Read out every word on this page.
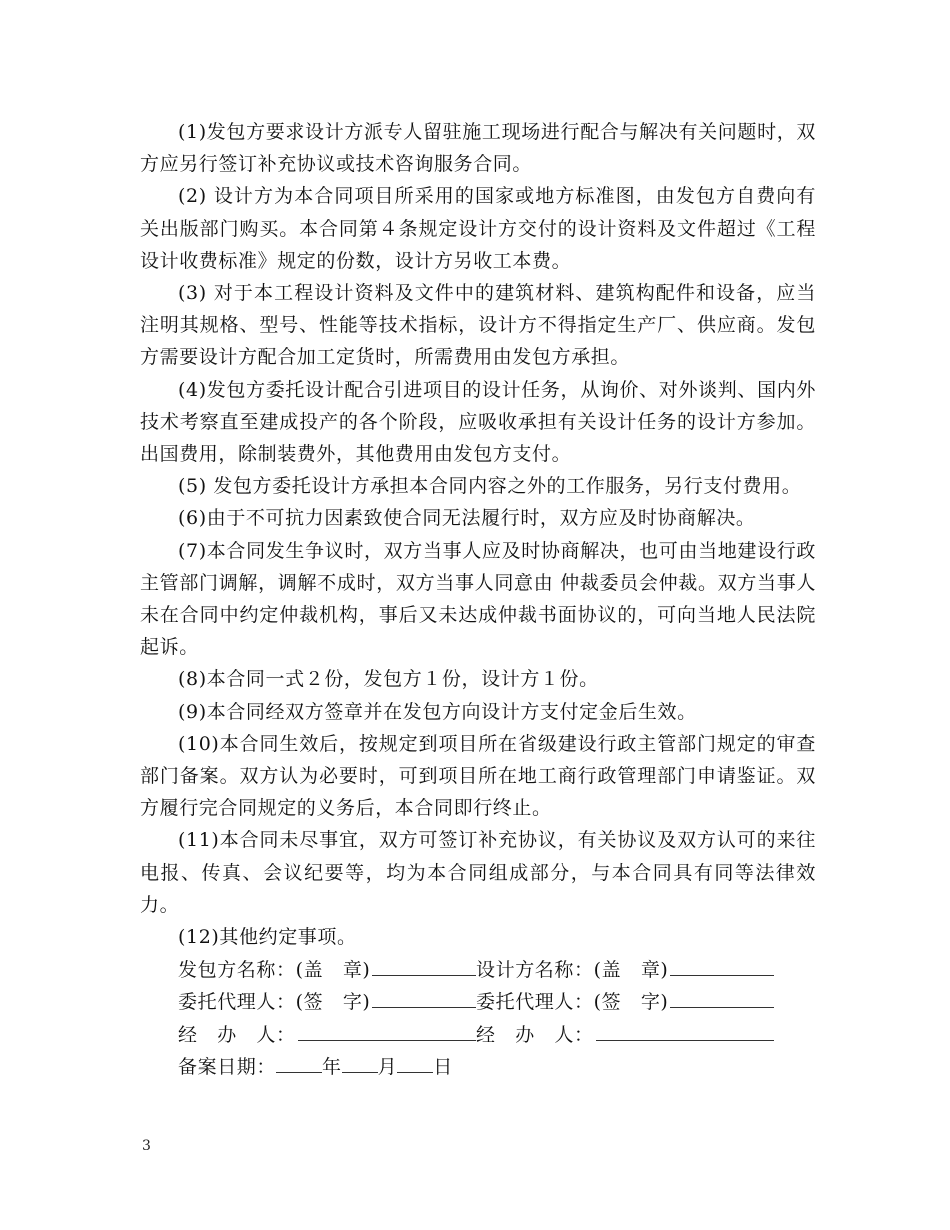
(1)发包方要求设计方派专人留驻施工现场进行配合与解决有关问题时，双方应另行签订补充协议或技术咨询服务合同。

(2) 设计方为本合同项目所采用的国家或地方标准图，由发包方自费向有关出版部门购买。本合同第４条规定设计方交付的设计资料及文件超过《工程设计收费标准》规定的份数，设计方另收工本费。

(3) 对于本工程设计资料及文件中的建筑材料、建筑构配件和设备，应当注明其规格、型号、性能等技术指标，设计方不得指定生产厂、供应商。发包方需要设计方配合加工定货时，所需费用由发包方承担。

(4)发包方委托设计配合引进项目的设计任务，从询价、对外谈判、国内外技术考察直至建成投产的各个阶段，应吸收承担有关设计任务的设计方参加。出国费用，除制装费外，其他费用由发包方支付。

(5) 发包方委托设计方承担本合同内容之外的工作服务，另行支付费用。

(6)由于不可抗力因素致使合同无法履行时，双方应及时协商解决。

(7)本合同发生争议时，双方当事人应及时协商解决，也可由当地建设行政主管部门调解，调解不成时，双方当事人同意由 仲裁委员会仲裁。双方当事人未在合同中约定仲裁机构，事后又未达成仲裁书面协议的，可向当地人民法院起诉。

(8)本合同一式２份，发包方１份，设计方１份。

(9)本合同经双方签章并在发包方向设计方支付定金后生效。

(10)本合同生效后，按规定到项目所在省级建设行政主管部门规定的审查部门备案。双方认为必要时，可到项目所在地工商行政管理部门申请鉴证。双方履行完合同规定的义务后，本合同即行终止。

(11)本合同未尽事宜，双方可签订补充协议，有关协议及双方认可的来往电报、传真、会议纪要等，均为本合同组成部分，与本合同具有同等法律效力。

(12)其他约定事项。

发包方名称：(盖　章)	设计方名称：(盖　章)
委托代理人：(签　字)	委托代理人：(签　字)
经　办　人：	经　办　人：
备案日期： 年 月 日
3
